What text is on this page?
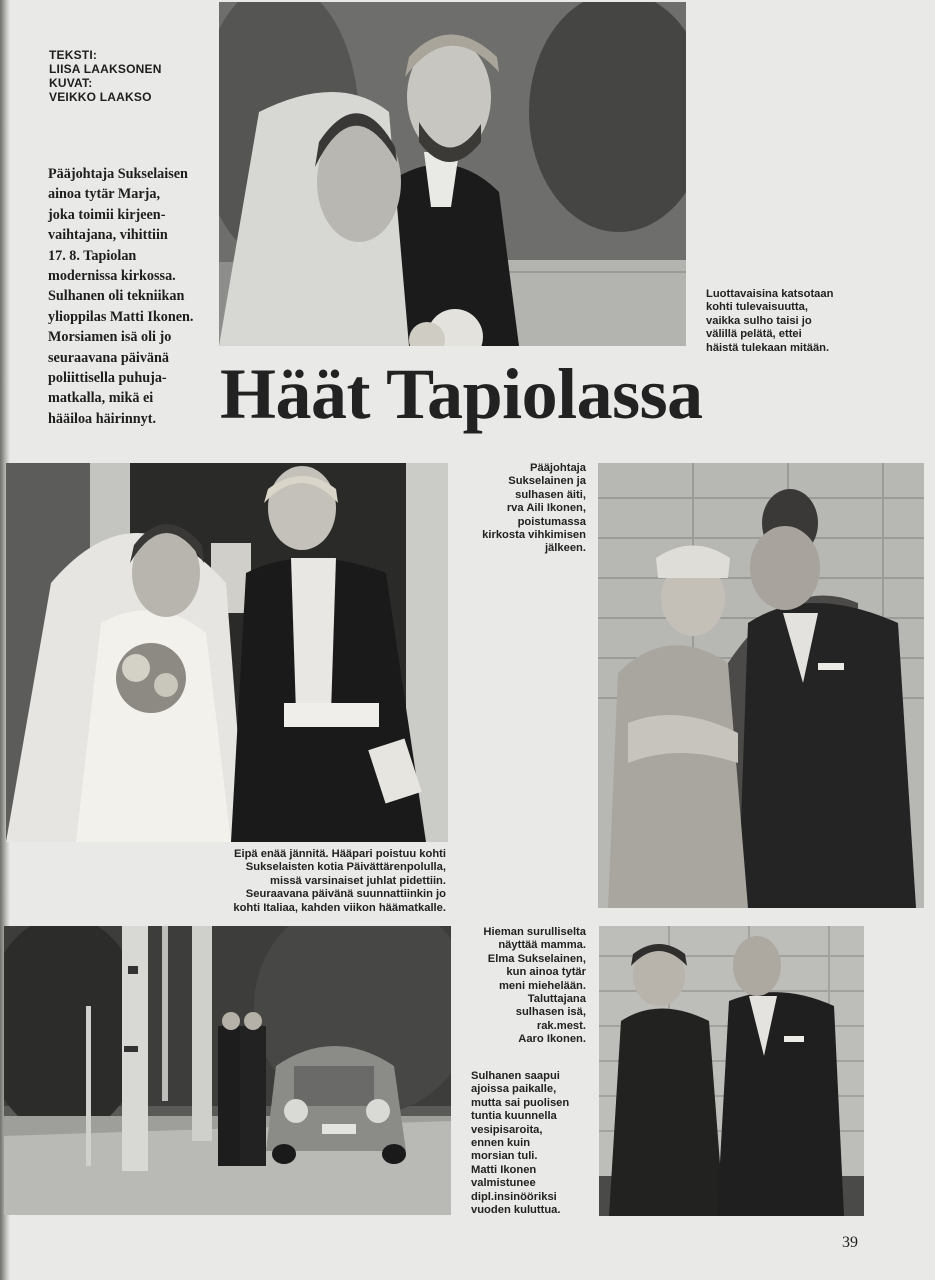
TEKSTI:
LIISA LAAKSONEN
KUVAT:
VEIKKO LAAKSO
Luottavaisina katsotaan
kohti tulevaisuutta,
vaikka sulho taisi jo
välillä pelätä, ettei
häistä tulekaan mitään.
Pääjohtaja Sukselaisen
ainoa tytär Marja,
joka toimii kirjeen-
vaihtajana, vihittiin
17. 8. Tapiolan
modernissa kirkossa.
Sulhanen oli tekniikan
ylioppilas Matti Ikonen.
Morsiamen isä oli jo
seuraavana päivänä
poliittisella puhuja-
matkalla, mikä ei
hääiloa häirinnyt. Häät Tapiolassa
Eipä enää jännitä. Hääpari poistuu kohti
Sukselaisten kotia Päivättärenpolulla,
missä varsinaiset juhlat pidettiin.
Seuraavana päivänä suunnattiinkin jo
kohti Italiaa, kahden viikon häämatkalle.
Pääjohtaja
Sukselainen ja
sulhasen äiti,
rva Aili Ikonen,
poistumassa
kirkosta vihkimisen
jälkeen.
Hieman surulliselta
näyttää mamma.
Elma Sukselainen,
kun ainoa tytär
meni miehelään.
Taluttajana
sulhasen isä,
rak.mest.
Aaro Ikonen.
Sulhanen saapui
ajoissa paikalle,
mutta sai puolisen
tuntia kuunnella
vesipisaroita,
ennen kuin
morsian tuli.
Matti Ikonen
valmistunee
dipl.insinööriksi
vuoden kuluttua.
39
